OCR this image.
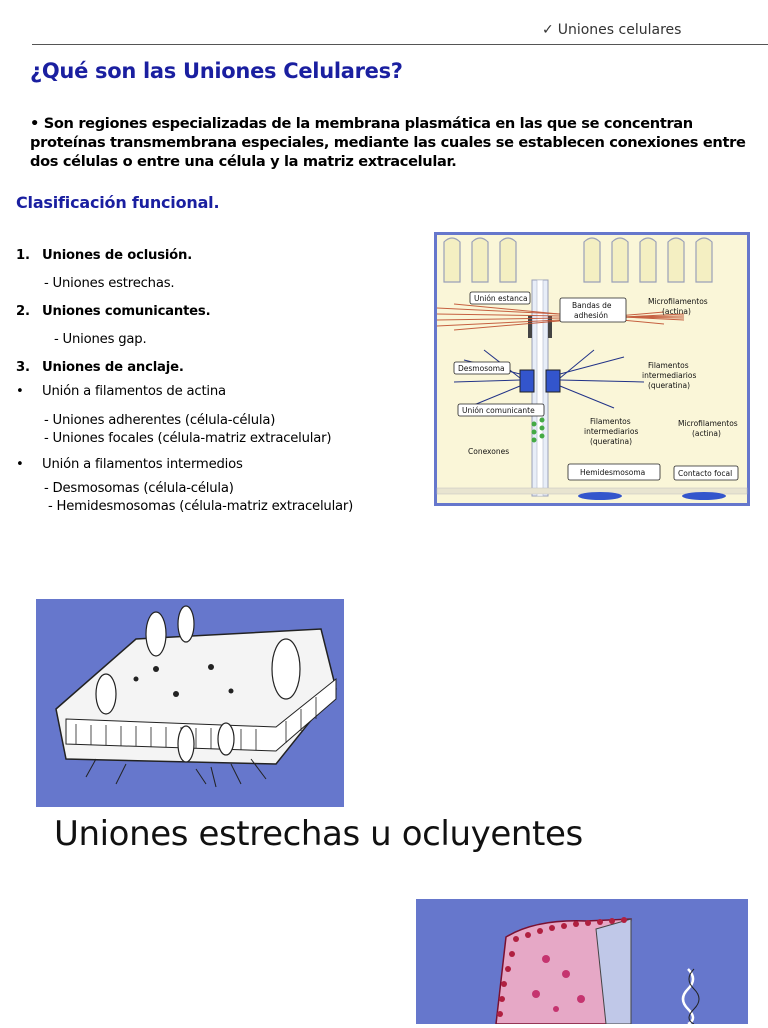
✓ Uniones celulares
¿Qué son las Uniones Celulares?
• Son regiones especializadas de la membrana plasmática en las que se concentran proteínas transmembrana especiales, mediante las cuales se establecen conexiones entre dos células o entre una célula y la matriz extracelular.
Clasificación funcional.
1. Uniones de oclusión.
- Uniones estrechas.
2. Uniones comunicantes.
- Uniones gap.
3. Uniones de anclaje.
• Unión a filamentos de actina
- Uniones adherentes (célula-célula)
- Uniones focales (célula-matriz extracelular)
• Unión a filamentos intermedios
- Desmosomas (célula-célula)
- Hemidesmosomas (célula-matriz extracelular)
Unión estanca
Bandas de
adhesión
Microfilamentos
(actina)
Desmosoma	Filamentos
intermediarios
(queratina)
Unión comunicante
Filamentos
intermediarios
(queratina)
Microfilamentos
(actina)
Conexones
Hemidesmosoma	Contacto focal
Uniones estrechas u ocluyentes
